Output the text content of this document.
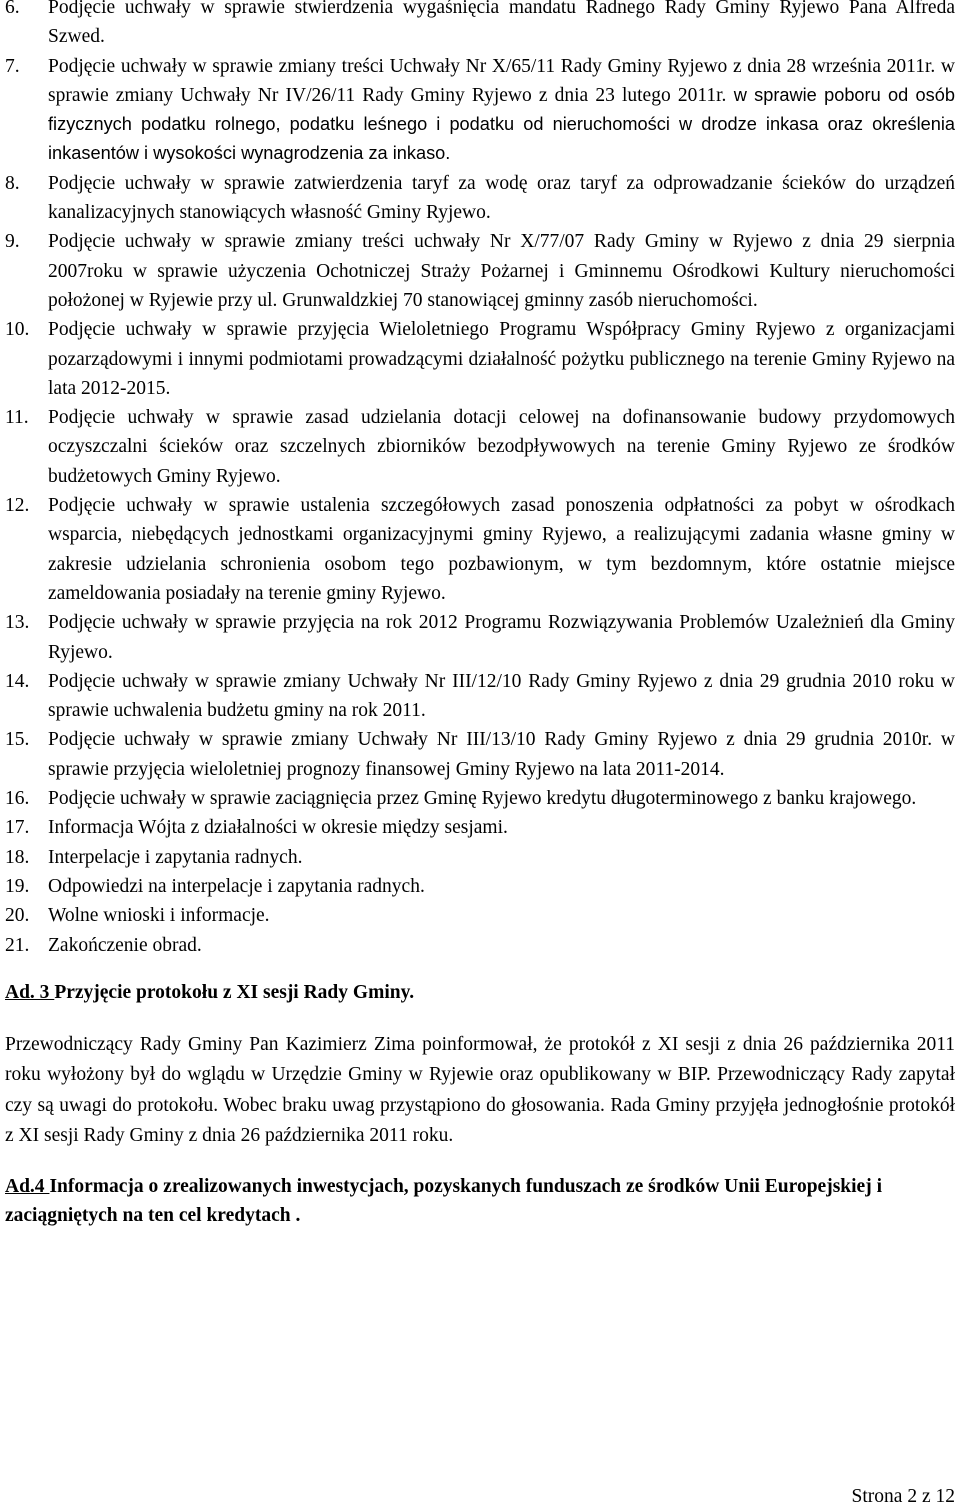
6. Podjęcie uchwały w sprawie stwierdzenia wygaśnięcia mandatu Radnego Rady Gminy Ryjewo Pana Alfreda Szwed.
7. Podjęcie uchwały w sprawie zmiany treści Uchwały Nr X/65/11 Rady Gminy Ryjewo z dnia 28 września 2011r. w sprawie zmiany Uchwały Nr IV/26/11 Rady Gminy Ryjewo z dnia 23 lutego 2011r. w sprawie poboru od osób fizycznych podatku rolnego, podatku leśnego i podatku od nieruchomości w drodze inkasa oraz określenia inkasentów i wysokości wynagrodzenia za inkaso.
8. Podjęcie uchwały w sprawie zatwierdzenia taryf za wodę oraz taryf za odprowadzanie ścieków do urządzeń kanalizacyjnych stanowiących własność Gminy Ryjewo.
9. Podjęcie uchwały w sprawie zmiany treści uchwały Nr X/77/07 Rady Gminy w Ryjewo z dnia 29 sierpnia 2007roku w sprawie użyczenia Ochotniczej Straży Pożarnej i Gminnemu Ośrodkowi Kultury nieruchomości położonej w Ryjewie przy ul. Grunwaldzkiej 70 stanowiącej gminny zasób nieruchomości.
10. Podjęcie uchwały w sprawie przyjęcia Wieloletniego Programu Współpracy Gminy Ryjewo z organizacjami pozarządowymi i innymi podmiotami prowadzącymi działalność pożytku publicznego na terenie Gminy Ryjewo na lata 2012-2015.
11. Podjęcie uchwały w sprawie zasad udzielania dotacji celowej na dofinansowanie budowy przydomowych oczyszczalni ścieków oraz szczelnych zbiorników bezodpływowych na terenie Gminy Ryjewo ze środków budżetowych Gminy Ryjewo.
12. Podjęcie uchwały w sprawie ustalenia szczegółowych zasad ponoszenia odpłatności za pobyt w ośrodkach wsparcia, niebędących jednostkami organizacyjnymi gminy Ryjewo, a realizującymi zadania własne gminy w zakresie udzielania schronienia osobom tego pozbawionym, w tym bezdomnym, które ostatnie miejsce zameldowania posiadały na terenie gminy Ryjewo.
13. Podjęcie uchwały w sprawie przyjęcia na rok 2012 Programu Rozwiązywania Problemów Uzależnień dla Gminy Ryjewo.
14. Podjęcie uchwały w sprawie zmiany Uchwały Nr III/12/10 Rady Gminy Ryjewo z dnia 29 grudnia 2010 roku w sprawie uchwalenia budżetu gminy na rok 2011.
15. Podjęcie uchwały w sprawie zmiany Uchwały Nr III/13/10 Rady Gminy Ryjewo z dnia 29 grudnia 2010r. w sprawie przyjęcia wieloletniej prognozy finansowej Gminy Ryjewo na lata 2011-2014.
16. Podjęcie uchwały w sprawie zaciągnięcia przez Gminę Ryjewo kredytu długoterminowego z banku krajowego.
17. Informacja Wójta z działalności w okresie między sesjami.
18. Interpelacje i zapytania radnych.
19. Odpowiedzi na interpelacje i zapytania radnych.
20. Wolne wnioski i informacje.
21. Zakończenie obrad.
Ad. 3 Przyjęcie protokołu z XI sesji Rady Gminy.

Przewodniczący Rady Gminy Pan Kazimierz Zima poinformował, że protokół z XI sesji z dnia 26 października 2011 roku wyłożony był do wglądu w Urzędzie Gminy w Ryjewie oraz opublikowany w BIP. Przewodniczący Rady zapytał czy są uwagi do protokołu. Wobec braku uwag przystąpiono do głosowania. Rada Gminy przyjęła jednogłośnie protokół z XI sesji Rady Gminy z dnia 26 października 2011 roku.

Ad.4 Informacja o zrealizowanych inwestycjach, pozyskanych funduszach ze środków Unii Europejskiej i zaciągniętych na ten cel kredytach .
Strona 2 z 12
